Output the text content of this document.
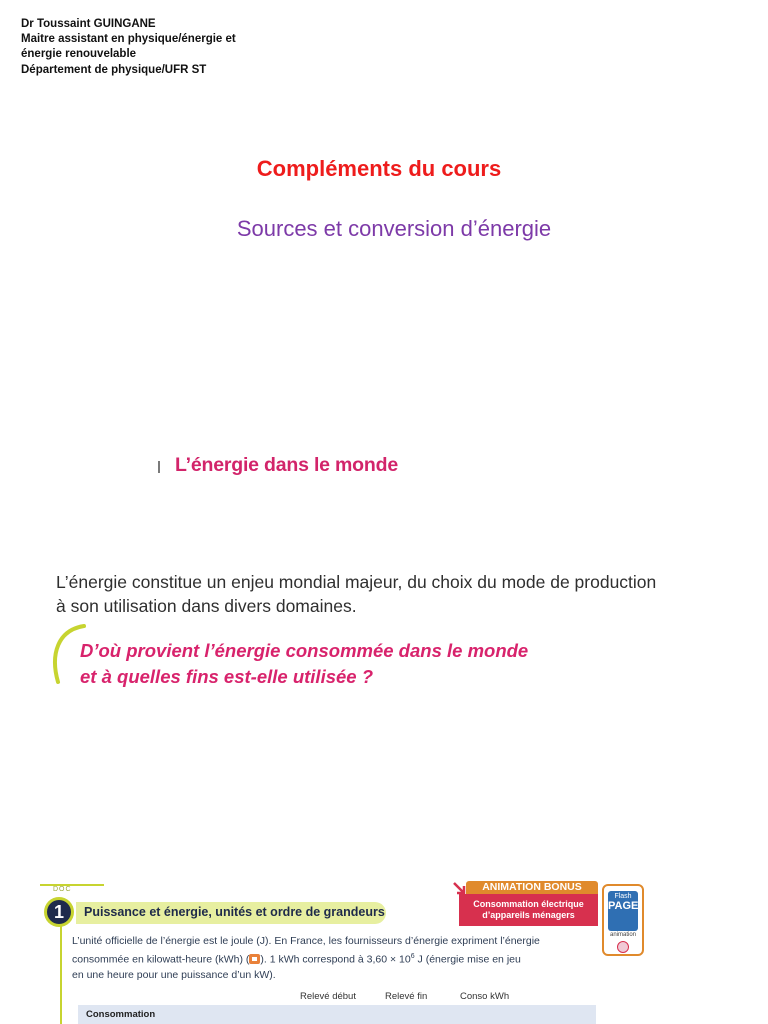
Dr Toussaint GUINGANE
Maitre assistant en physique/énergie et
énergie renouvelable
Département de physique/UFR ST
Compléments du cours
Sources et conversion d’énergie
L’énergie dans le monde
L’énergie constitue un enjeu mondial majeur, du choix du mode de production
à son utilisation dans divers domaines.
D’où provient l’énergie consommée dans le monde
et à quelles fins est-elle utilisée ?
DOC
1	Puissance et énergie, unités et ordre de grandeurs
L’unité officielle de l’énergie est le joule (J). En France, les fournisseurs d’énergie expriment l’énergie
consommée en kilowatt-heure (kWh) ( ). 1 kWh correspond à $3,60 \times 10^6$ J (énergie mise en jeu
en une heure pour une puissance d’un kW).
Relevé début	Relevé fin	Conso kWh
Consommation
ANIMATION BONUS
Consommation électrique
d’appareils ménagers
Flash
PAGE
animation
